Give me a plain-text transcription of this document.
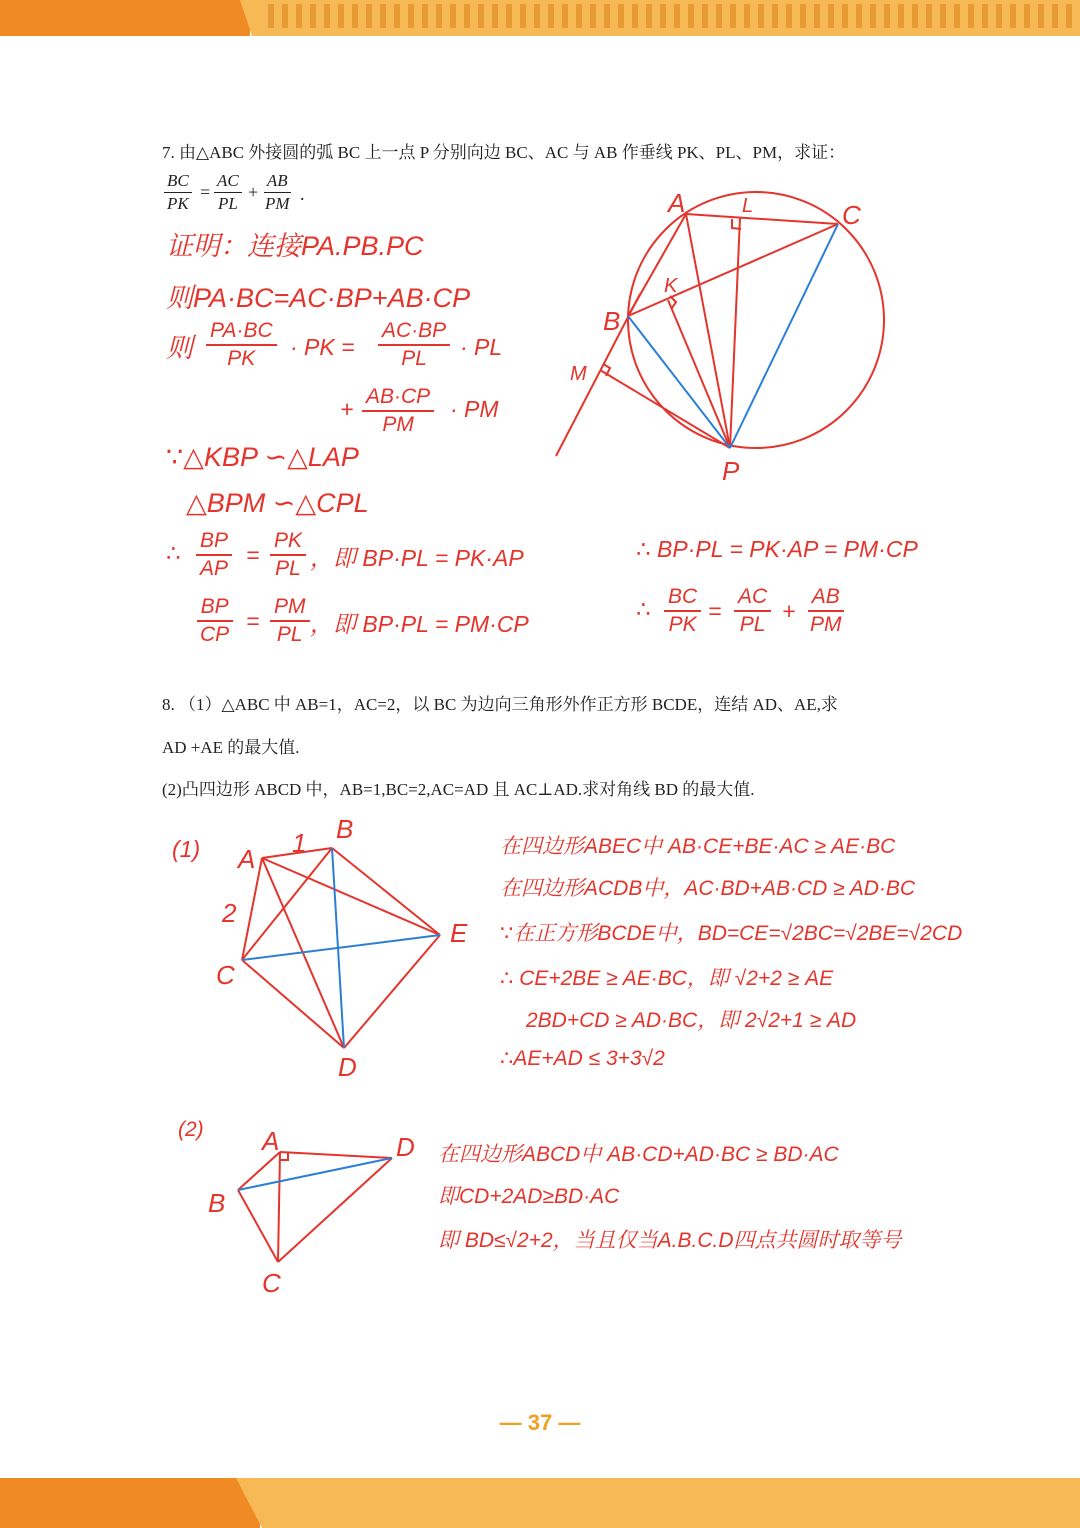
7. 由△ABC 外接圆的弧 BC 上一点 P 分别向边 BC、AC 与 AB 作垂线 PK、PL、PM，求证：
$\frac{BC}{PK} = \frac{AC}{PL} + \frac{AB}{PM}$ .
证明：连接PA.PB.PC
则PA·BC=AC·BP+AB·CP
则 $\frac{PA\cdot BC}{PK}$ · PK = $\frac{AC\cdot BP}{PL}$ · PL
+ $\frac{AB\cdot CP}{PM}$ · PM
∵△KBP ∽△LAP
△BPM ∽△CPL
∴ $\frac{BP}{AP} = \frac{PK}{PL}$ ，即 BP·PL = PK·AP
$\frac{BP}{CP} = \frac{PM}{PL}$ ，即 BP·PL = PM·CP
∴ BP·PL = PK·AP = PM·CP
∴ $\frac{BC}{PK} = \frac{AC}{PL} + \frac{AB}{PM}$
A	L	C
K
B
M
P
8. （1）△ABC 中 AB=1，AC=2，以 BC 为边向三角形外作正方形 BCDE，连结 AD、AE,求
AD +AE 的最大值.
(2)凸四边形 ABCD 中，AB=1,BC=2,AC=AD 且 AC⊥AD.求对角线 BD 的最大值.
(1) A
1 B
2
C
E
D
在四边形ABEC中 AB·CE+BE·AC ≥ AE·BC
在四边形ACDB中，AC·BD+AB·CD ≥ AD·BC
∵在正方形BCDE中，BD=CE=√2BC=√2BE=√2CD
∴ CE+2BE ≥ AE·BC，即 √2+2 ≥ AE
2BD+CD ≥ AD·BC，即 2√2+1 ≥ AD
∴AE+AD ≤ 3+3√2
(2) A	D
B
C
在四边形ABCD中 AB·CD+AD·BC ≥ BD·AC
即CD+2AD≥BD·AC
即 BD≤√2+2，当且仅当A.B.C.D四点共圆时取等号
— 37 —
